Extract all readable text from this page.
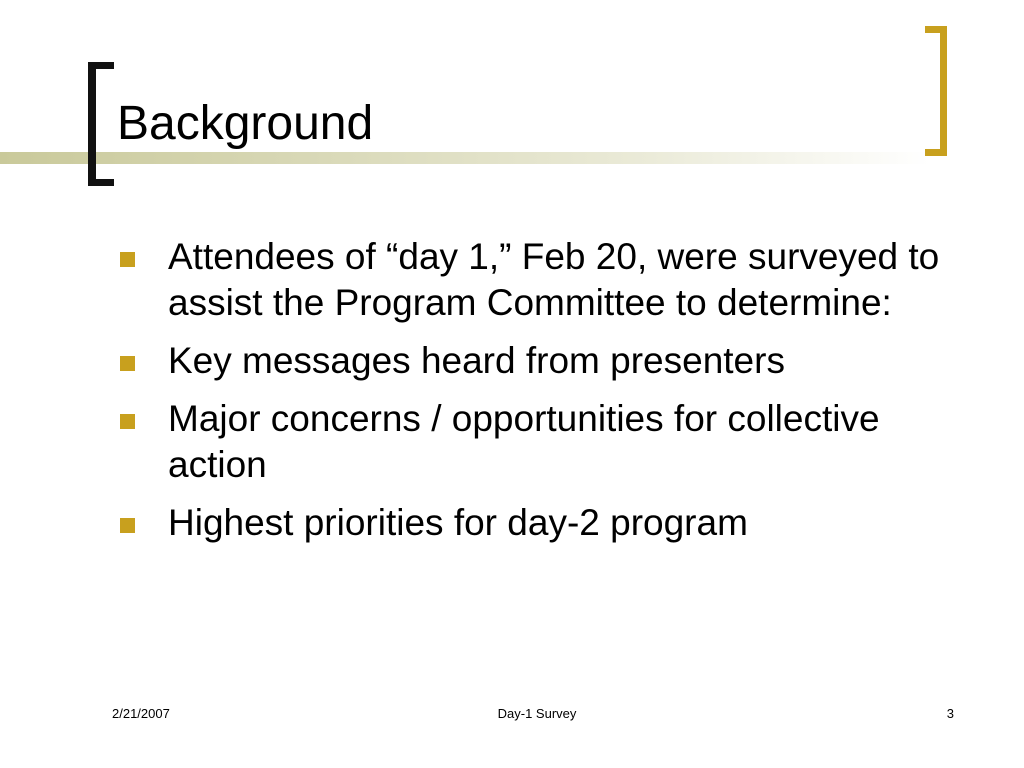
Background
Attendees of “day 1,” Feb 20, were surveyed to assist the Program Committee to determine:
Key messages heard from presenters
Major concerns / opportunities for collective action
Highest priorities for day-2 program
2/21/2007	Day-1 Survey	3
